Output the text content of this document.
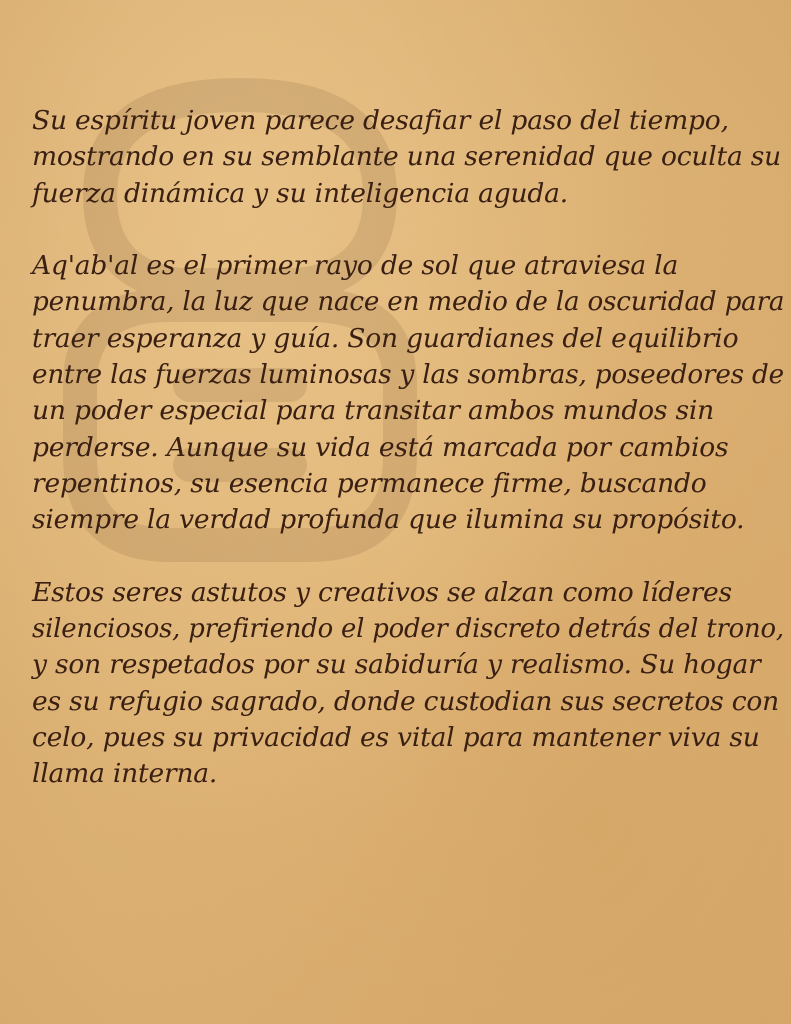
Su espíritu joven parece desafiar el paso del tiempo,
mostrando en su semblante una serenidad que oculta su
fuerza dinámica y su inteligencia aguda.
Aq'ab'al es el primer rayo de sol que atraviesa la
penumbra, la luz que nace en medio de la oscuridad para
traer esperanza y guía. Son guardianes del equilibrio
entre las fuerzas luminosas y las sombras, poseedores de
un poder especial para transitar ambos mundos sin
perderse. Aunque su vida está marcada por cambios
repentinos, su esencia permanece firme, buscando
siempre la verdad profunda que ilumina su propósito.
Estos seres astutos y creativos se alzan como líderes
silenciosos, prefiriendo el poder discreto detrás del trono,
y son respetados por su sabiduría y realismo. Su hogar
es su refugio sagrado, donde custodian sus secretos con
celo, pues su privacidad es vital para mantener viva su
llama interna.
